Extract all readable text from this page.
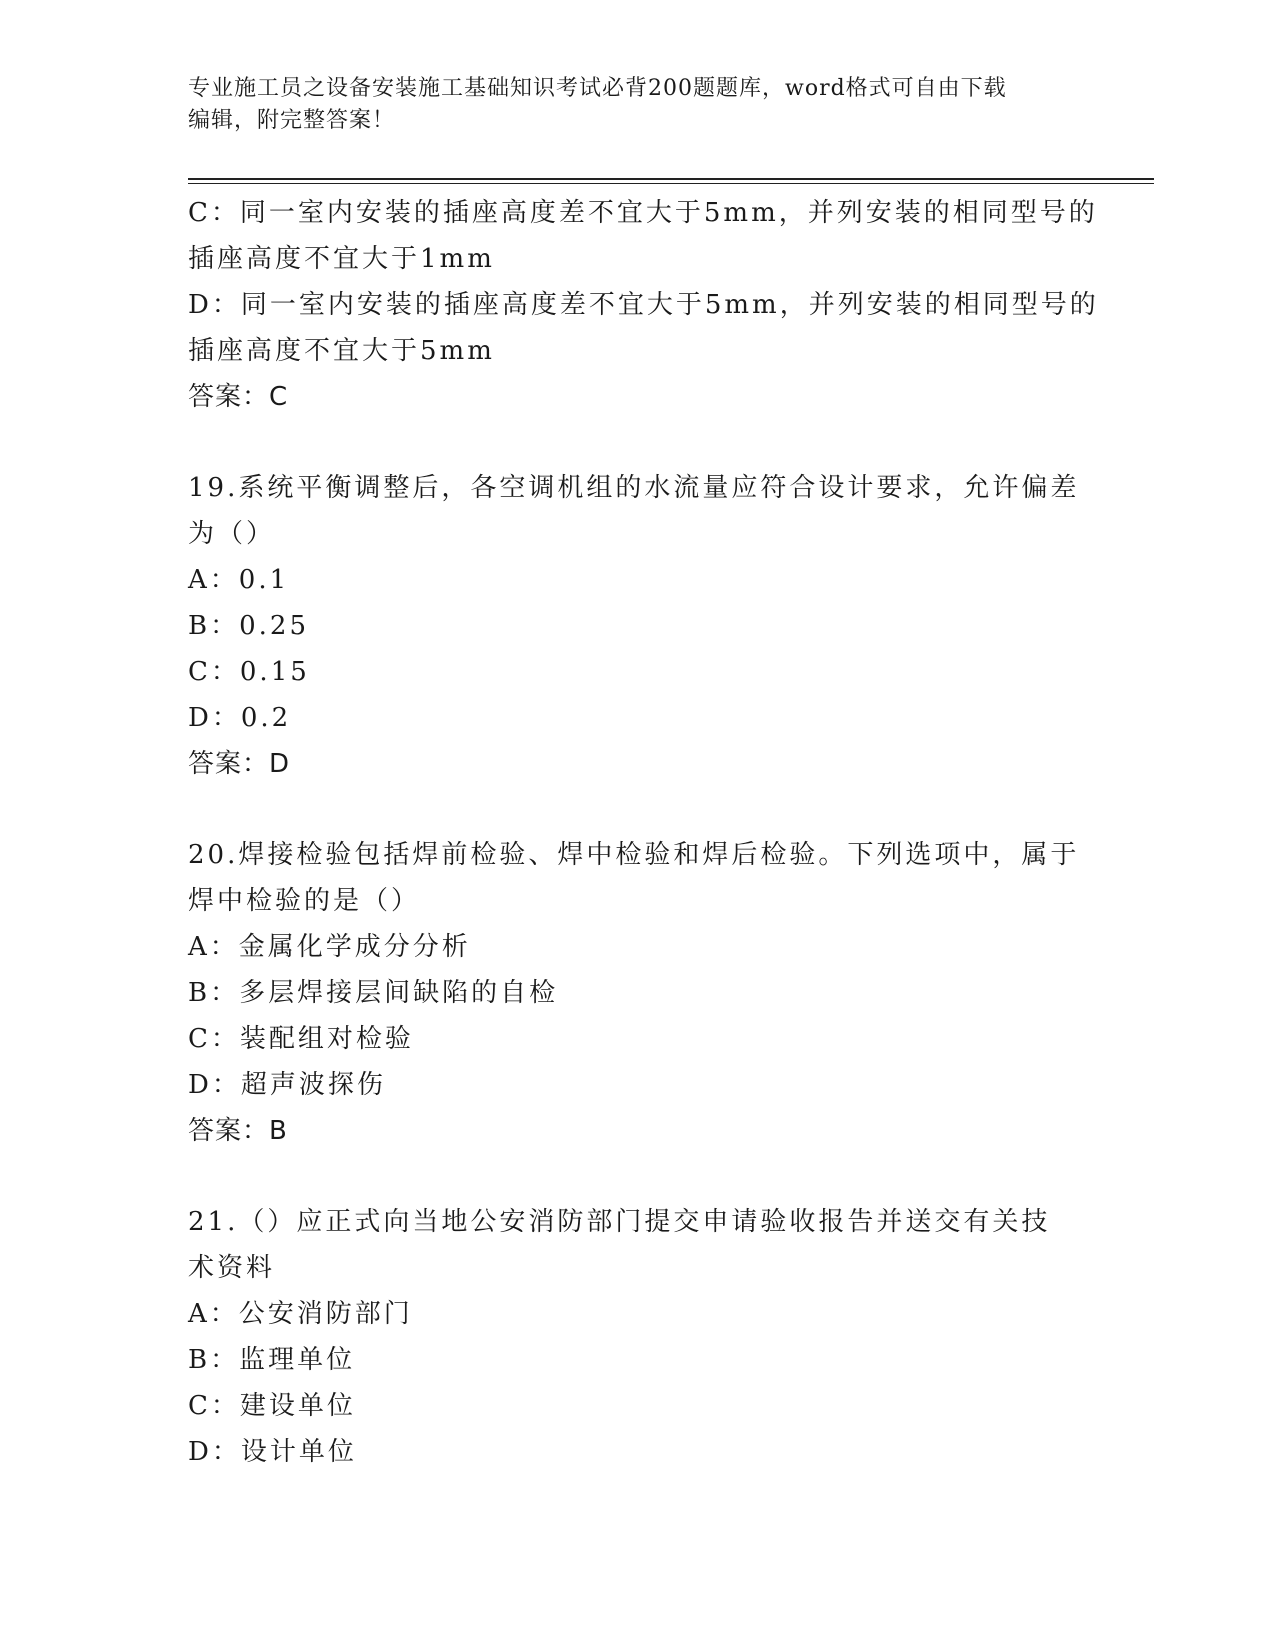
专业施工员之设备安装施工基础知识考试必背200题题库，word格式可自由下载
编辑，附完整答案！
C：同一室内安装的插座高度差不宜大于5mm，并列安装的相同型号的
插座高度不宜大于1mm
D：同一室内安装的插座高度差不宜大于5mm，并列安装的相同型号的
插座高度不宜大于5mm
答案：C
19.系统平衡调整后，各空调机组的水流量应符合设计要求，允许偏差
为（）
A：0.1
B：0.25
C：0.15
D：0.2
答案：D
20.焊接检验包括焊前检验、焊中检验和焊后检验。下列选项中，属于
焊中检验的是（）
A：金属化学成分分析
B：多层焊接层间缺陷的自检
C：装配组对检验
D：超声波探伤
答案：B
21.（）应正式向当地公安消防部门提交申请验收报告并送交有关技
术资料
A：公安消防部门
B：监理单位
C：建设单位
D：设计单位
